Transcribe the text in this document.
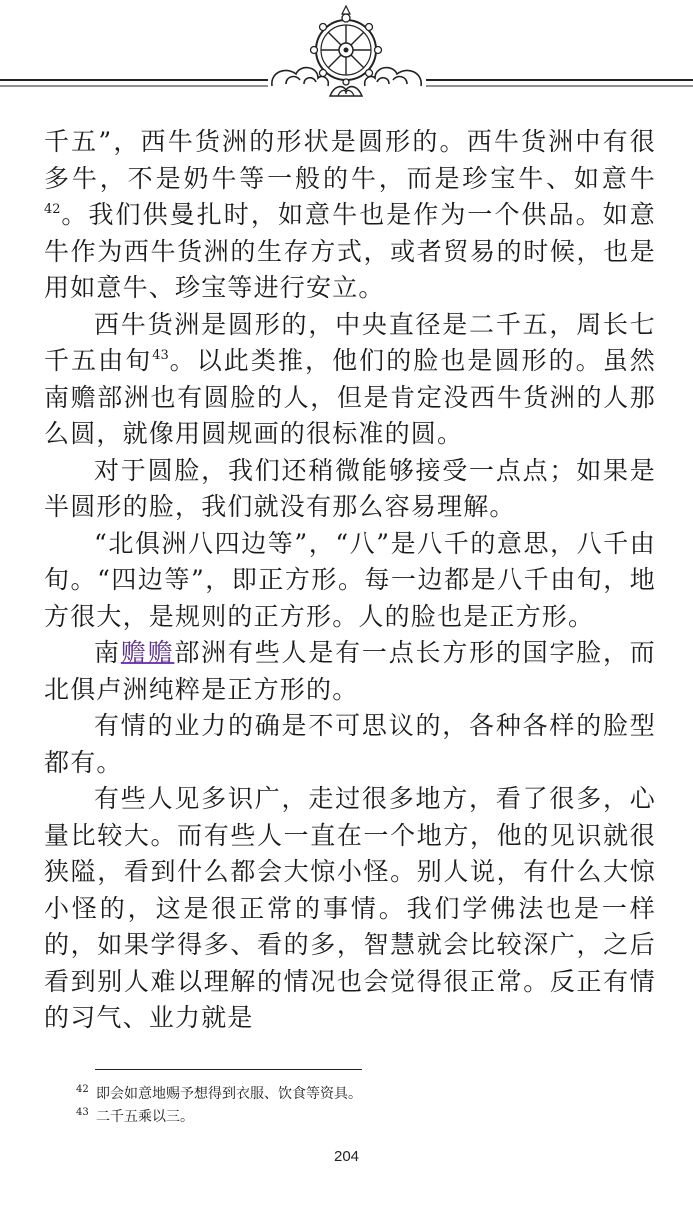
千五”，西牛货洲的形状是圆形的。西牛货洲中有很多牛，不是奶牛等一般的牛，而是珍宝牛、如意牛$^{42}$。我们供曼扎时，如意牛也是作为一个供品。如意牛作为西牛货洲的生存方式，或者贸易的时候，也是用如意牛、珍宝等进行安立。

西牛货洲是圆形的，中央直径是二千五，周长七千五由旬$^{43}$。以此类推，他们的脸也是圆形的。虽然南赡部洲也有圆脸的人，但是肯定没西牛货洲的人那么圆，就像用圆规画的很标准的圆。

对于圆脸，我们还稍微能够接受一点点；如果是半圆形的脸，我们就没有那么容易理解。

“北俱洲八四边等”，“八”是八千的意思，八千由旬。“四边等”，即正方形。每一边都是八千由旬，地方很大，是规则的正方形。人的脸也是正方形。

南赡赡部洲有些人是有一点长方形的国字脸，而北俱卢洲纯粹是正方形的。

有情的业力的确是不可思议的，各种各样的脸型都有。

有些人见多识广，走过很多地方，看了很多，心量比较大。而有些人一直在一个地方，他的见识就很狭隘，看到什么都会大惊小怪。别人说，有什么大惊小怪的，这是很正常的事情。我们学佛法也是一样的，如果学得多、看的多，智慧就会比较深广，之后看到别人难以理解的情况也会觉得很正常。反正有情的习气、业力就是

42 即会如意地赐予想得到衣服、饮食等资具。
43 二千五乘以三。
204
